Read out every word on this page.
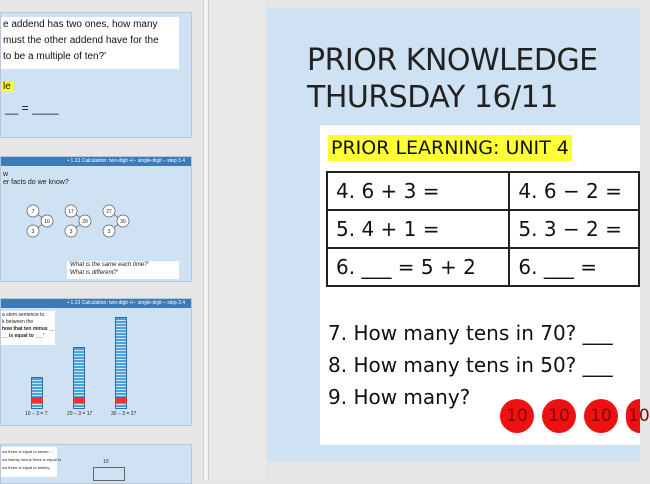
e addend has two ones, how many
must the other addend have for the
to be a multiple of ten?'
le
__ = ____
• 1.13 Calculation: two-digit +/− single-digit – step 3.4
w
er facts do we know?
7
10
3
17
20
3
27
30
3
'What is the same each time?'
'What is different?'
• 1.13 Calculation: two-digit +/− single-digit – step 3.4
a stem sentence to
k between the
how that ten minus __
__ is equal to ___'
10 − 3 = 7	20 − 3 = 17	30 − 3 = 27
ow three is equal to seven...'
ow twenty minus three is equal to
ow three is equal to twenty-
10
PRIOR KNOWLEDGE
THURSDAY 16/11
PRIOR LEARNING: UNIT 4
4. 6 + 3 =	4. 6 − 2 =
5. 4 + 1 =	5. 3 − 2 =
6. ___ = 5 + 2	6. ___ =
7. How many tens in 70? ___
8. How many tens in 50? ___
9. How many?
10	10	10 10
